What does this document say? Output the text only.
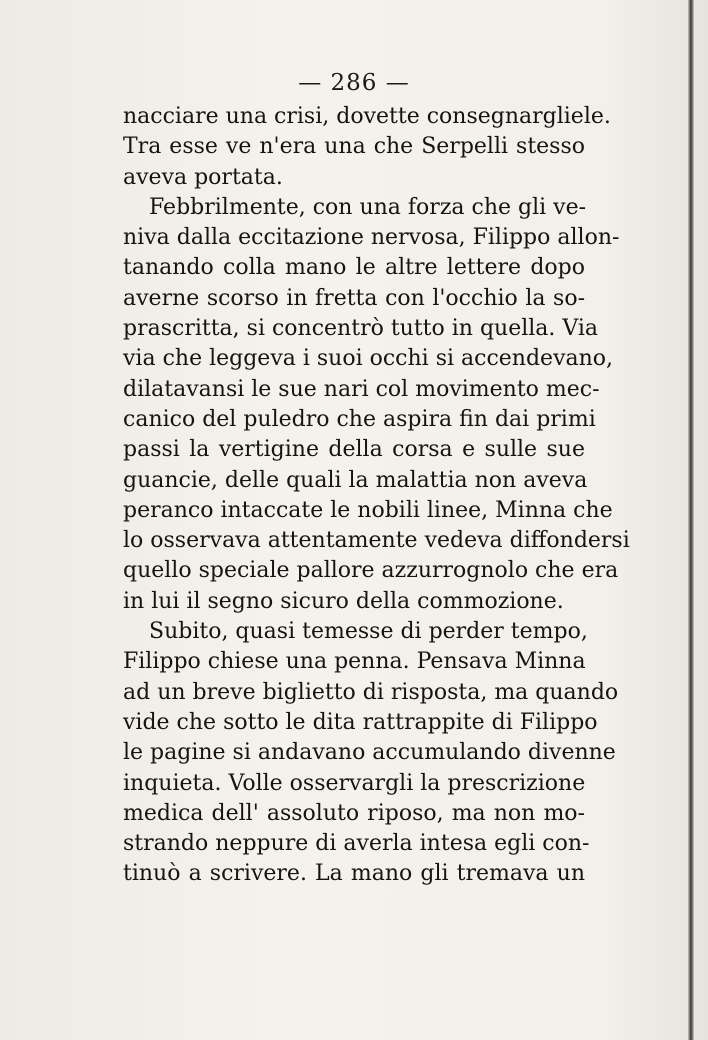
— 286 —
nacciare una crisi, dovette consegnargliele.
Tra esse ve n'era una che Serpelli stesso
aveva portata.
Febbrilmente, con una forza che gli ve-
niva dalla eccitazione nervosa, Filippo allon-
tanando colla mano le altre lettere dopo
averne scorso in fretta con l'occhio la so-
prascritta, si concentrò tutto in quella. Via
via che leggeva i suoi occhi si accendevano,
dilatavansi le sue nari col movimento mec-
canico del puledro che aspira fin dai primi
passi la vertigine della corsa e sulle sue
guancie, delle quali la malattia non aveva
peranco intaccate le nobili linee, Minna che
lo osservava attentamente vedeva diffondersi
quello speciale pallore azzurrognolo che era
in lui il segno sicuro della commozione.
Subito, quasi temesse di perder tempo,
Filippo chiese una penna. Pensava Minna
ad un breve biglietto di risposta, ma quando
vide che sotto le dita rattrappite di Filippo
le pagine si andavano accumulando divenne
inquieta. Volle osservargli la prescrizione
medica dell' assoluto riposo, ma non mo-
strando neppure di averla intesa egli con-
tinuò a scrivere. La mano gli tremava un
